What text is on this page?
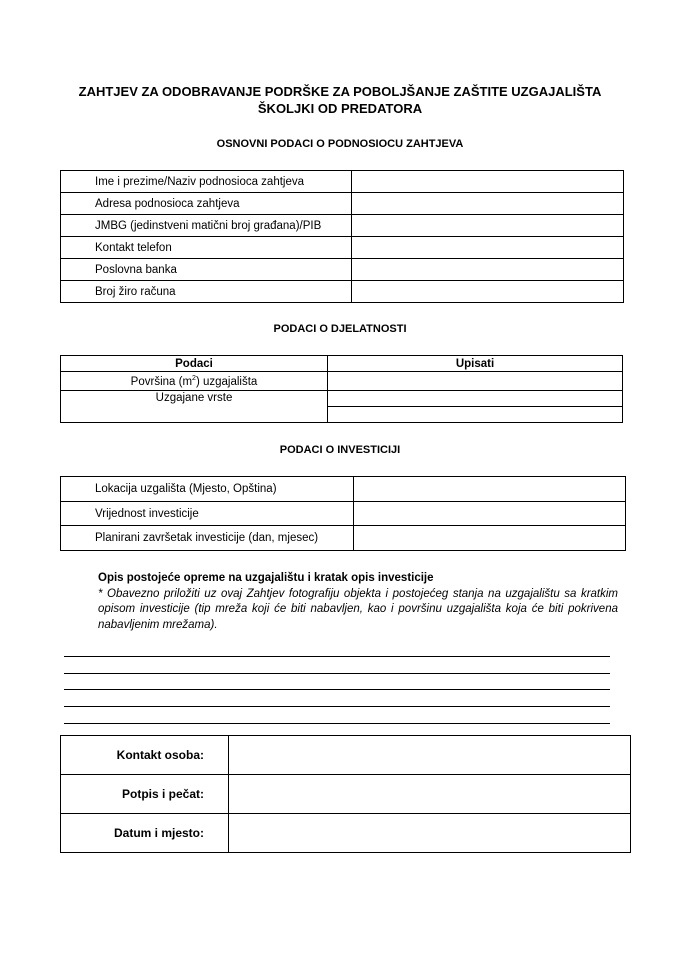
ZAHTJEV ZA ODOBRAVANJE PODRŠKE ZA POBOLJŠANJE ZAŠTITE UZGAJALIŠTA
ŠKOLJKI OD PREDATORA
OSNOVNI PODACI O PODNOSIOCU ZAHTJEVA
Ime i prezime/Naziv podnosioca zahtjeva	
Adresa podnosioca zahtjeva	
JMBG (jedinstveni matični broj građana)/PIB	
Kontakt telefon	
Poslovna banka	
Broj žiro računa	
PODACI O DJELATNOSTI
Podaci	Upisati
Površina $(m^2)$ uzgajališta	
Uzgajane vrste	

PODACI O INVESTICIJI
Lokacija uzgališta (Mjesto, Opština)	
Vrijednost investicije	
Planirani završetak investicije (dan, mjesec)	
Opis postojeće opreme na uzgajalištu i kratak opis investicije
* Obavezno priložiti uz ovaj Zahtjev fotografiju objekta i postojećeg stanja na uzgajalištu sa kratkim opisom investicije (tip mreža koji će biti nabavljen, kao i površinu uzgajališta koja će biti pokrivena nabavljenim mrežama).
Kontakt osoba:	
Potpis i pečat:	
Datum i mjesto:	
